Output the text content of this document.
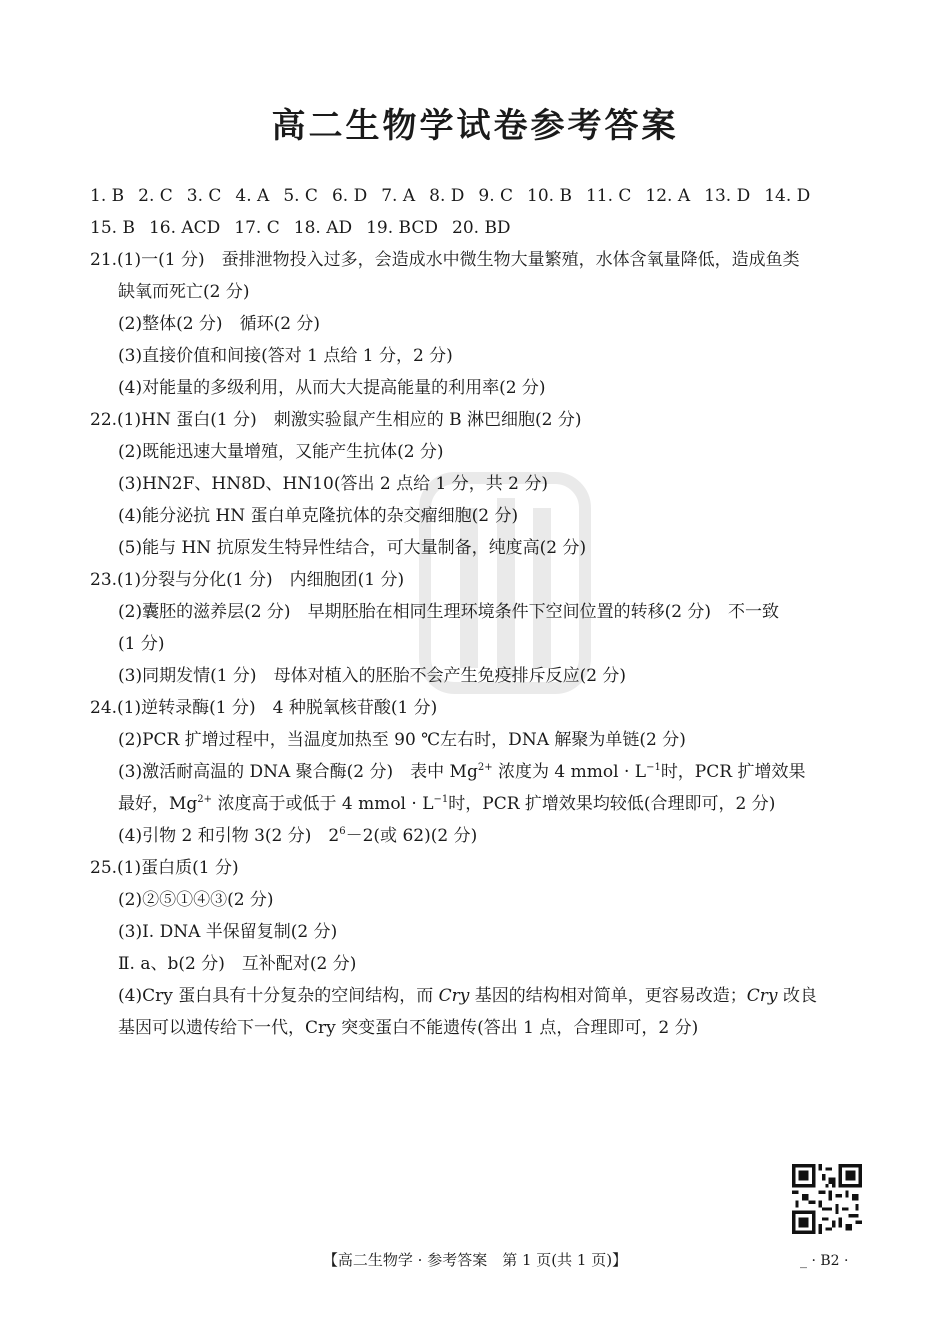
高二生物学试卷参考答案
1. B 2. C 3. C 4. A 5. C 6. D 7. A 8. D 9. C 10. B 11. C 12. A 13. D 14. D
15. B 16. ACD 17. C 18. AD 19. BCD 20. BD
21.(1)一(1 分)　蚕排泄物投入过多，会造成水中微生物大量繁殖，水体含氧量降低，造成鱼类
缺氧而死亡(2 分)
(2)整体(2 分)　循环(2 分)
(3)直接价值和间接(答对 1 点给 1 分，2 分)
(4)对能量的多级利用，从而大大提高能量的利用率(2 分)
22.(1)HN 蛋白(1 分)　刺激实验鼠产生相应的 B 淋巴细胞(2 分)
(2)既能迅速大量增殖，又能产生抗体(2 分)
(3)HN2F、HN8D、HN10(答出 2 点给 1 分，共 2 分)
(4)能分泌抗 HN 蛋白单克隆抗体的杂交瘤细胞(2 分)
(5)能与 HN 抗原发生特异性结合，可大量制备，纯度高(2 分)
23.(1)分裂与分化(1 分)　内细胞团(1 分)
(2)囊胚的滋养层(2 分)　早期胚胎在相同生理环境条件下空间位置的转移(2 分)　不一致
(1 分)
(3)同期发情(1 分)　母体对植入的胚胎不会产生免疫排斥反应(2 分)
24.(1)逆转录酶(1 分)　4 种脱氧核苷酸(1 分)
(2)PCR 扩增过程中，当温度加热至 90 ℃左右时，DNA 解聚为单链(2 分)
(3)激活耐高温的 DNA 聚合酶(2 分)　表中 $Mg^{2+}$ 浓度为 4 mmol · $L^{-1}$时，PCR 扩增效果
最好，$Mg^{2+}$ 浓度高于或低于 4 mmol · $L^{-1}$时，PCR 扩增效果均较低(合理即可，2 分)
(4)引物 2 和引物 3(2 分)　$2^6-2$(或 62)(2 分)
25.(1)蛋白质(1 分)
(2)②⑤①④③(2 分)
(3)Ⅰ. DNA 半保留复制(2 分)
Ⅱ. a、b(2 分)　互补配对(2 分)
(4)Cry 蛋白具有十分复杂的空间结构，而 Cry 基因的结构相对简单，更容易改造；Cry 改良
基因可以遗传给下一代，Cry 突变蛋白不能遗传(答出 1 点，合理即可，2 分)
【高二生物学 · 参考答案　第 1 页(共 1 页)】	_ · B2 ·
